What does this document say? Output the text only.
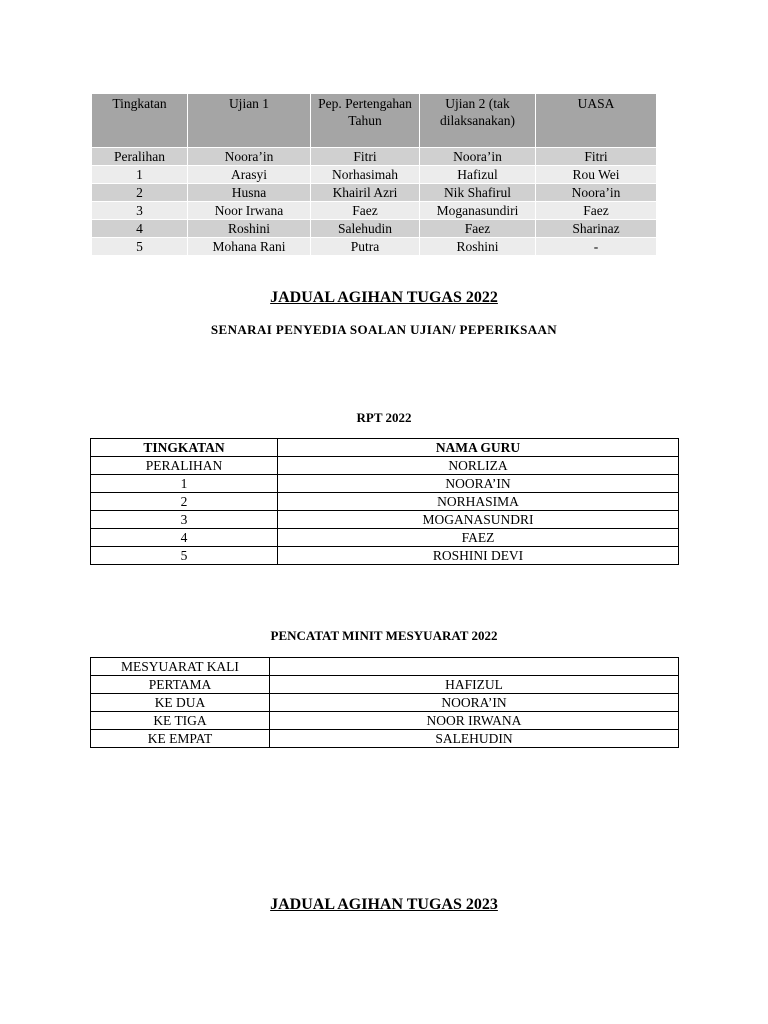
Tingkatan	Ujian 1	Pep. Pertengahan Tahun	Ujian 2 (tak dilaksanakan)	UASA
Peralihan	Noora’in	Fitri	Noora’in	Fitri
1	Arasyi	Norhasimah	Hafizul	Rou Wei
2	Husna	Khairil Azri	Nik Shafirul	Noora’in
3	Noor Irwana	Faez	Moganasundiri	Faez
4	Roshini	Salehudin	Faez	Sharinaz
5	Mohana Rani	Putra	Roshini	-
JADUAL AGIHAN TUGAS 2022
SENARAI PENYEDIA SOALAN UJIAN/ PEPERIKSAAN
RPT 2022
TINGKATAN	NAMA GURU
PERALIHAN	NORLIZA
1	NOORA’IN
2	NORHASIMA
3	MOGANASUNDRI
4	FAEZ
5	ROSHINI DEVI
PENCATAT MINIT MESYUARAT 2022
MESYUARAT KALI	
PERTAMA	HAFIZUL
KE DUA	NOORA’IN
KE TIGA	NOOR IRWANA
KE EMPAT	SALEHUDIN
JADUAL AGIHAN TUGAS 2023
